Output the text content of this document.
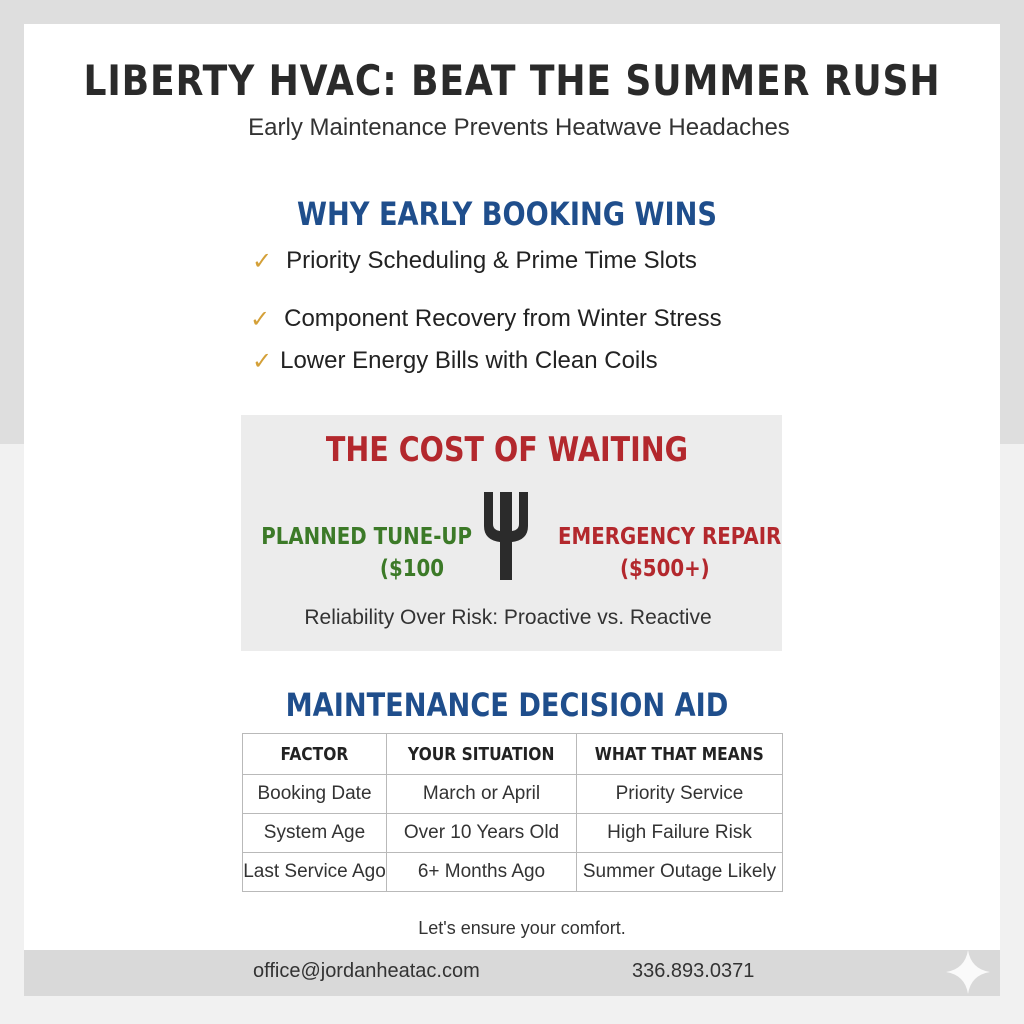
LIBERTY HVAC: BEAT THE SUMMER RUSH
Early Maintenance Prevents Heatwave Headaches
WHY EARLY BOOKING WINS
✓ Priority Scheduling & Prime Time Slots
✓ Component Recovery from Winter Stress
✓ Lower Energy Bills with Clean Coils
THE COST OF WAITING
PLANNED TUNE-UP
($100
EMERGENCY REPAIR
($500+)
Reliability Over Risk: Proactive vs. Reactive
MAINTENANCE DECISION AID
FACTOR	YOUR SITUATION	WHAT THAT MEANS
Booking Date	March or April	Priority Service
System Age	Over 10 Years Old	High Failure Risk
Last Service Ago	6+ Months Ago	Summer Outage Likely
Let's ensure your comfort.
office@jordanheatac.com	336.893.0371
